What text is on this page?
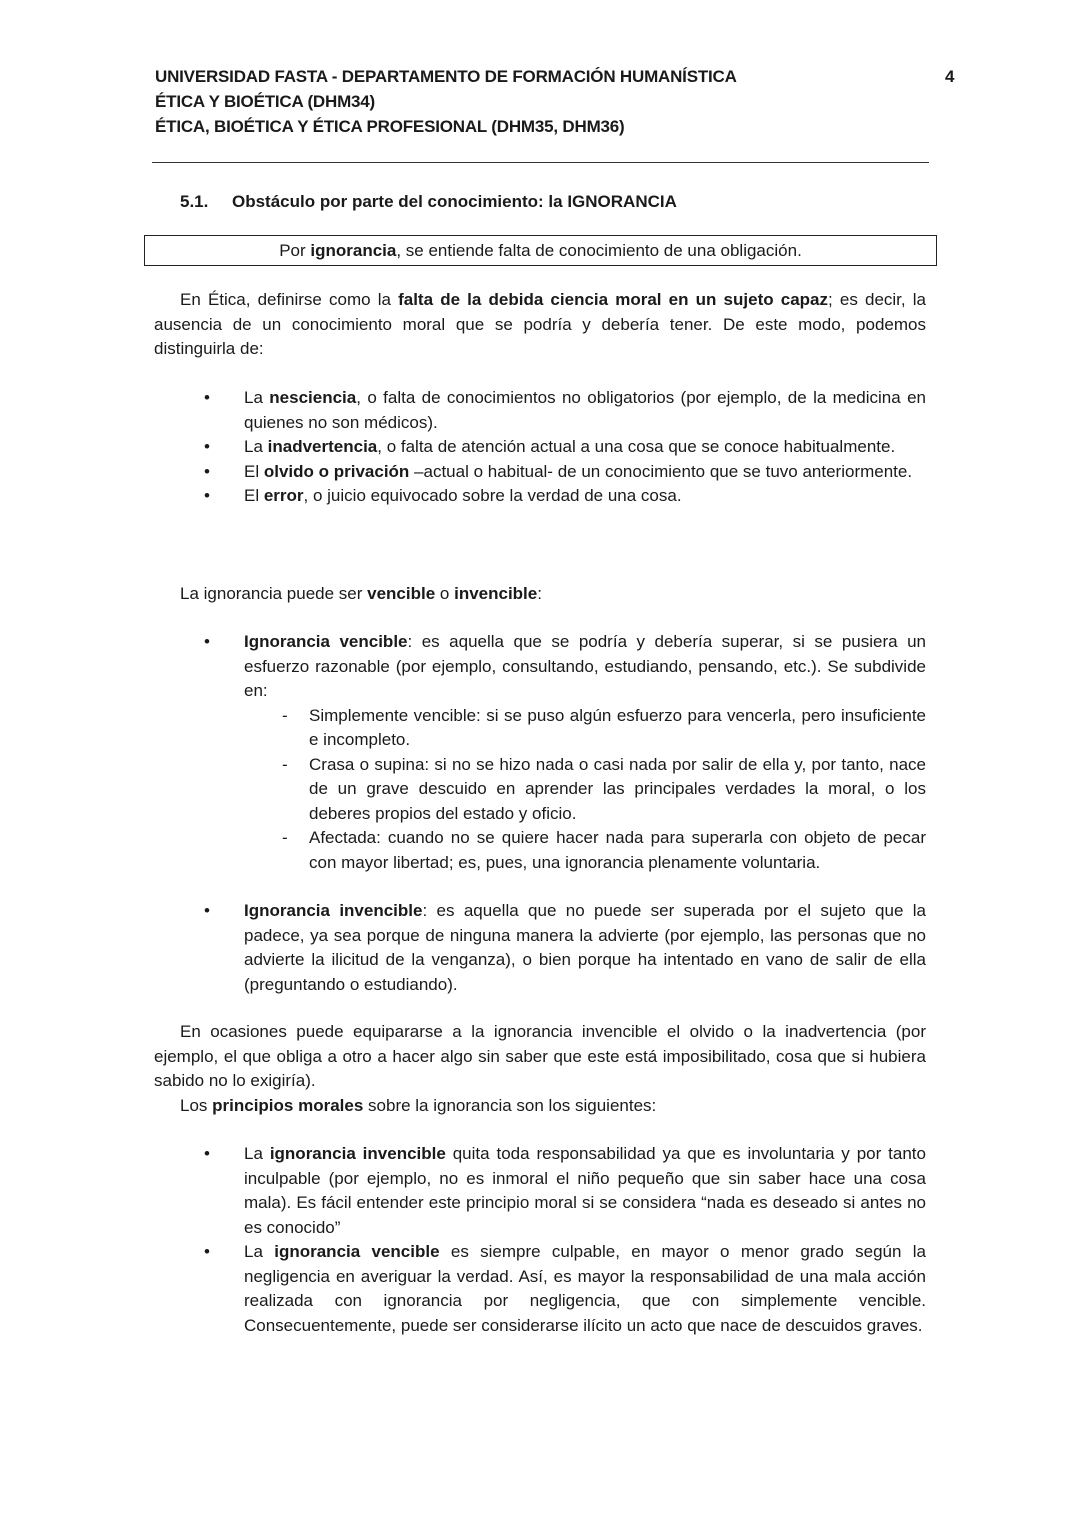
UNIVERSIDAD FASTA - DEPARTAMENTO DE FORMACIÓN HUMANÍSTICA
ÉTICA Y BIOÉTICA (DHM34)
ÉTICA, BIOÉTICA Y ÉTICA PROFESIONAL (DHM35, DHM36)
4
5.1. Obstáculo por parte del conocimiento: la IGNORANCIA
Por ignorancia, se entiende falta de conocimiento de una obligación.

En Ética, definirse como la falta de la debida ciencia moral en un sujeto capaz; es decir, la ausencia de un conocimiento moral que se podría y debería tener. De este modo, podemos distinguirla de:

• La nesciencia, o falta de conocimientos no obligatorios (por ejemplo, de la medicina en quienes no son médicos).
• La inadvertencia, o falta de atención actual a una cosa que se conoce habitualmente.
• El olvido o privación –actual o habitual- de un conocimiento que se tuvo anteriormente.
• El error, o juicio equivocado sobre la verdad de una cosa.

La ignorancia puede ser vencible o invencible:

• Ignorancia vencible: es aquella que se podría y debería superar, si se pusiera un esfuerzo razonable (por ejemplo, consultando, estudiando, pensando, etc.). Se subdivide en:
- Simplemente vencible: si se puso algún esfuerzo para vencerla, pero insuficiente e incompleto.
- Crasa o supina: si no se hizo nada o casi nada por salir de ella y, por tanto, nace de un grave descuido en aprender las principales verdades la moral, o los deberes propios del estado y oficio.
- Afectada: cuando no se quiere hacer nada para superarla con objeto de pecar con mayor libertad; es, pues, una ignorancia plenamente voluntaria.
• Ignorancia invencible: es aquella que no puede ser superada por el sujeto que la padece, ya sea porque de ninguna manera la advierte (por ejemplo, las personas que no advierte la ilicitud de la venganza), o bien porque ha intentado en vano de salir de ella (preguntando o estudiando).

En ocasiones puede equipararse a la ignorancia invencible el olvido o la inadvertencia (por ejemplo, el que obliga a otro a hacer algo sin saber que este está imposibilitado, cosa que si hubiera sabido no lo exigiría).

Los principios morales sobre la ignorancia son los siguientes:

• La ignorancia invencible quita toda responsabilidad ya que es involuntaria y por tanto inculpable (por ejemplo, no es inmoral el niño pequeño que sin saber hace una cosa mala). Es fácil entender este principio moral si se considera “nada es deseado si antes no es conocido”
• La ignorancia vencible es siempre culpable, en mayor o menor grado según la negligencia en averiguar la verdad. Así, es mayor la responsabilidad de una mala acción realizada con ignorancia por negligencia, que con simplemente vencible. Consecuentemente, puede ser considerarse ilícito un acto que nace de descuidos graves.
